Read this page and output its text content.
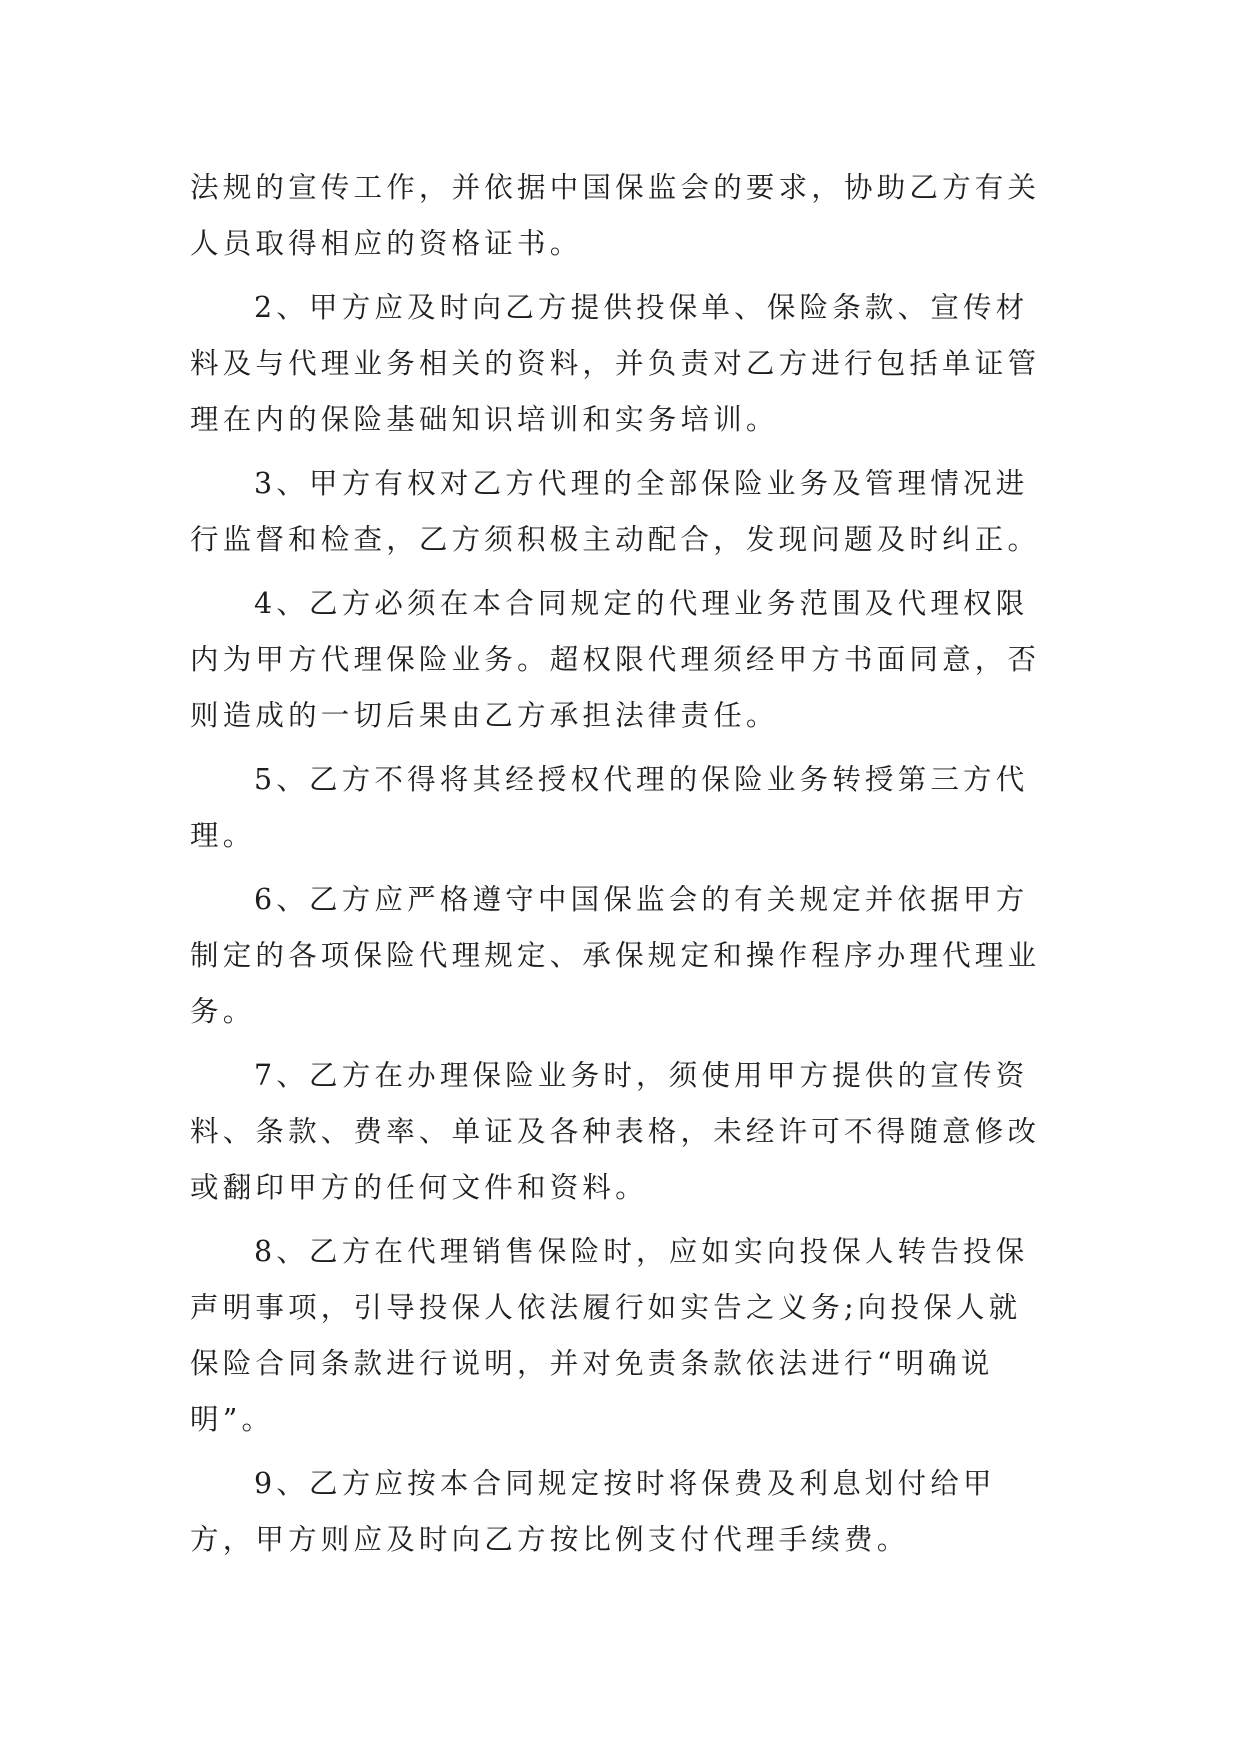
法规的宣传工作，并依据中国保监会的要求，协助乙方有关人员取得相应的资格证书。

2、甲方应及时向乙方提供投保单、保险条款、宣传材料及与代理业务相关的资料，并负责对乙方进行包括单证管理在内的保险基础知识培训和实务培训。

3、甲方有权对乙方代理的全部保险业务及管理情况进行监督和检查，乙方须积极主动配合，发现问题及时纠正。

4、乙方必须在本合同规定的代理业务范围及代理权限内为甲方代理保险业务。超权限代理须经甲方书面同意，否则造成的一切后果由乙方承担法律责任。

5、乙方不得将其经授权代理的保险业务转授第三方代理。

6、乙方应严格遵守中国保监会的有关规定并依据甲方制定的各项保险代理规定、承保规定和操作程序办理代理业务。

7、乙方在办理保险业务时，须使用甲方提供的宣传资料、条款、费率、单证及各种表格，未经许可不得随意修改或翻印甲方的任何文件和资料。

8、乙方在代理销售保险时，应如实向投保人转告投保声明事项，引导投保人依法履行如实告之义务;向投保人就保险合同条款进行说明，并对免责条款依法进行“明确说明”。

9、乙方应按本合同规定按时将保费及利息划付给甲方，甲方则应及时向乙方按比例支付代理手续费。
